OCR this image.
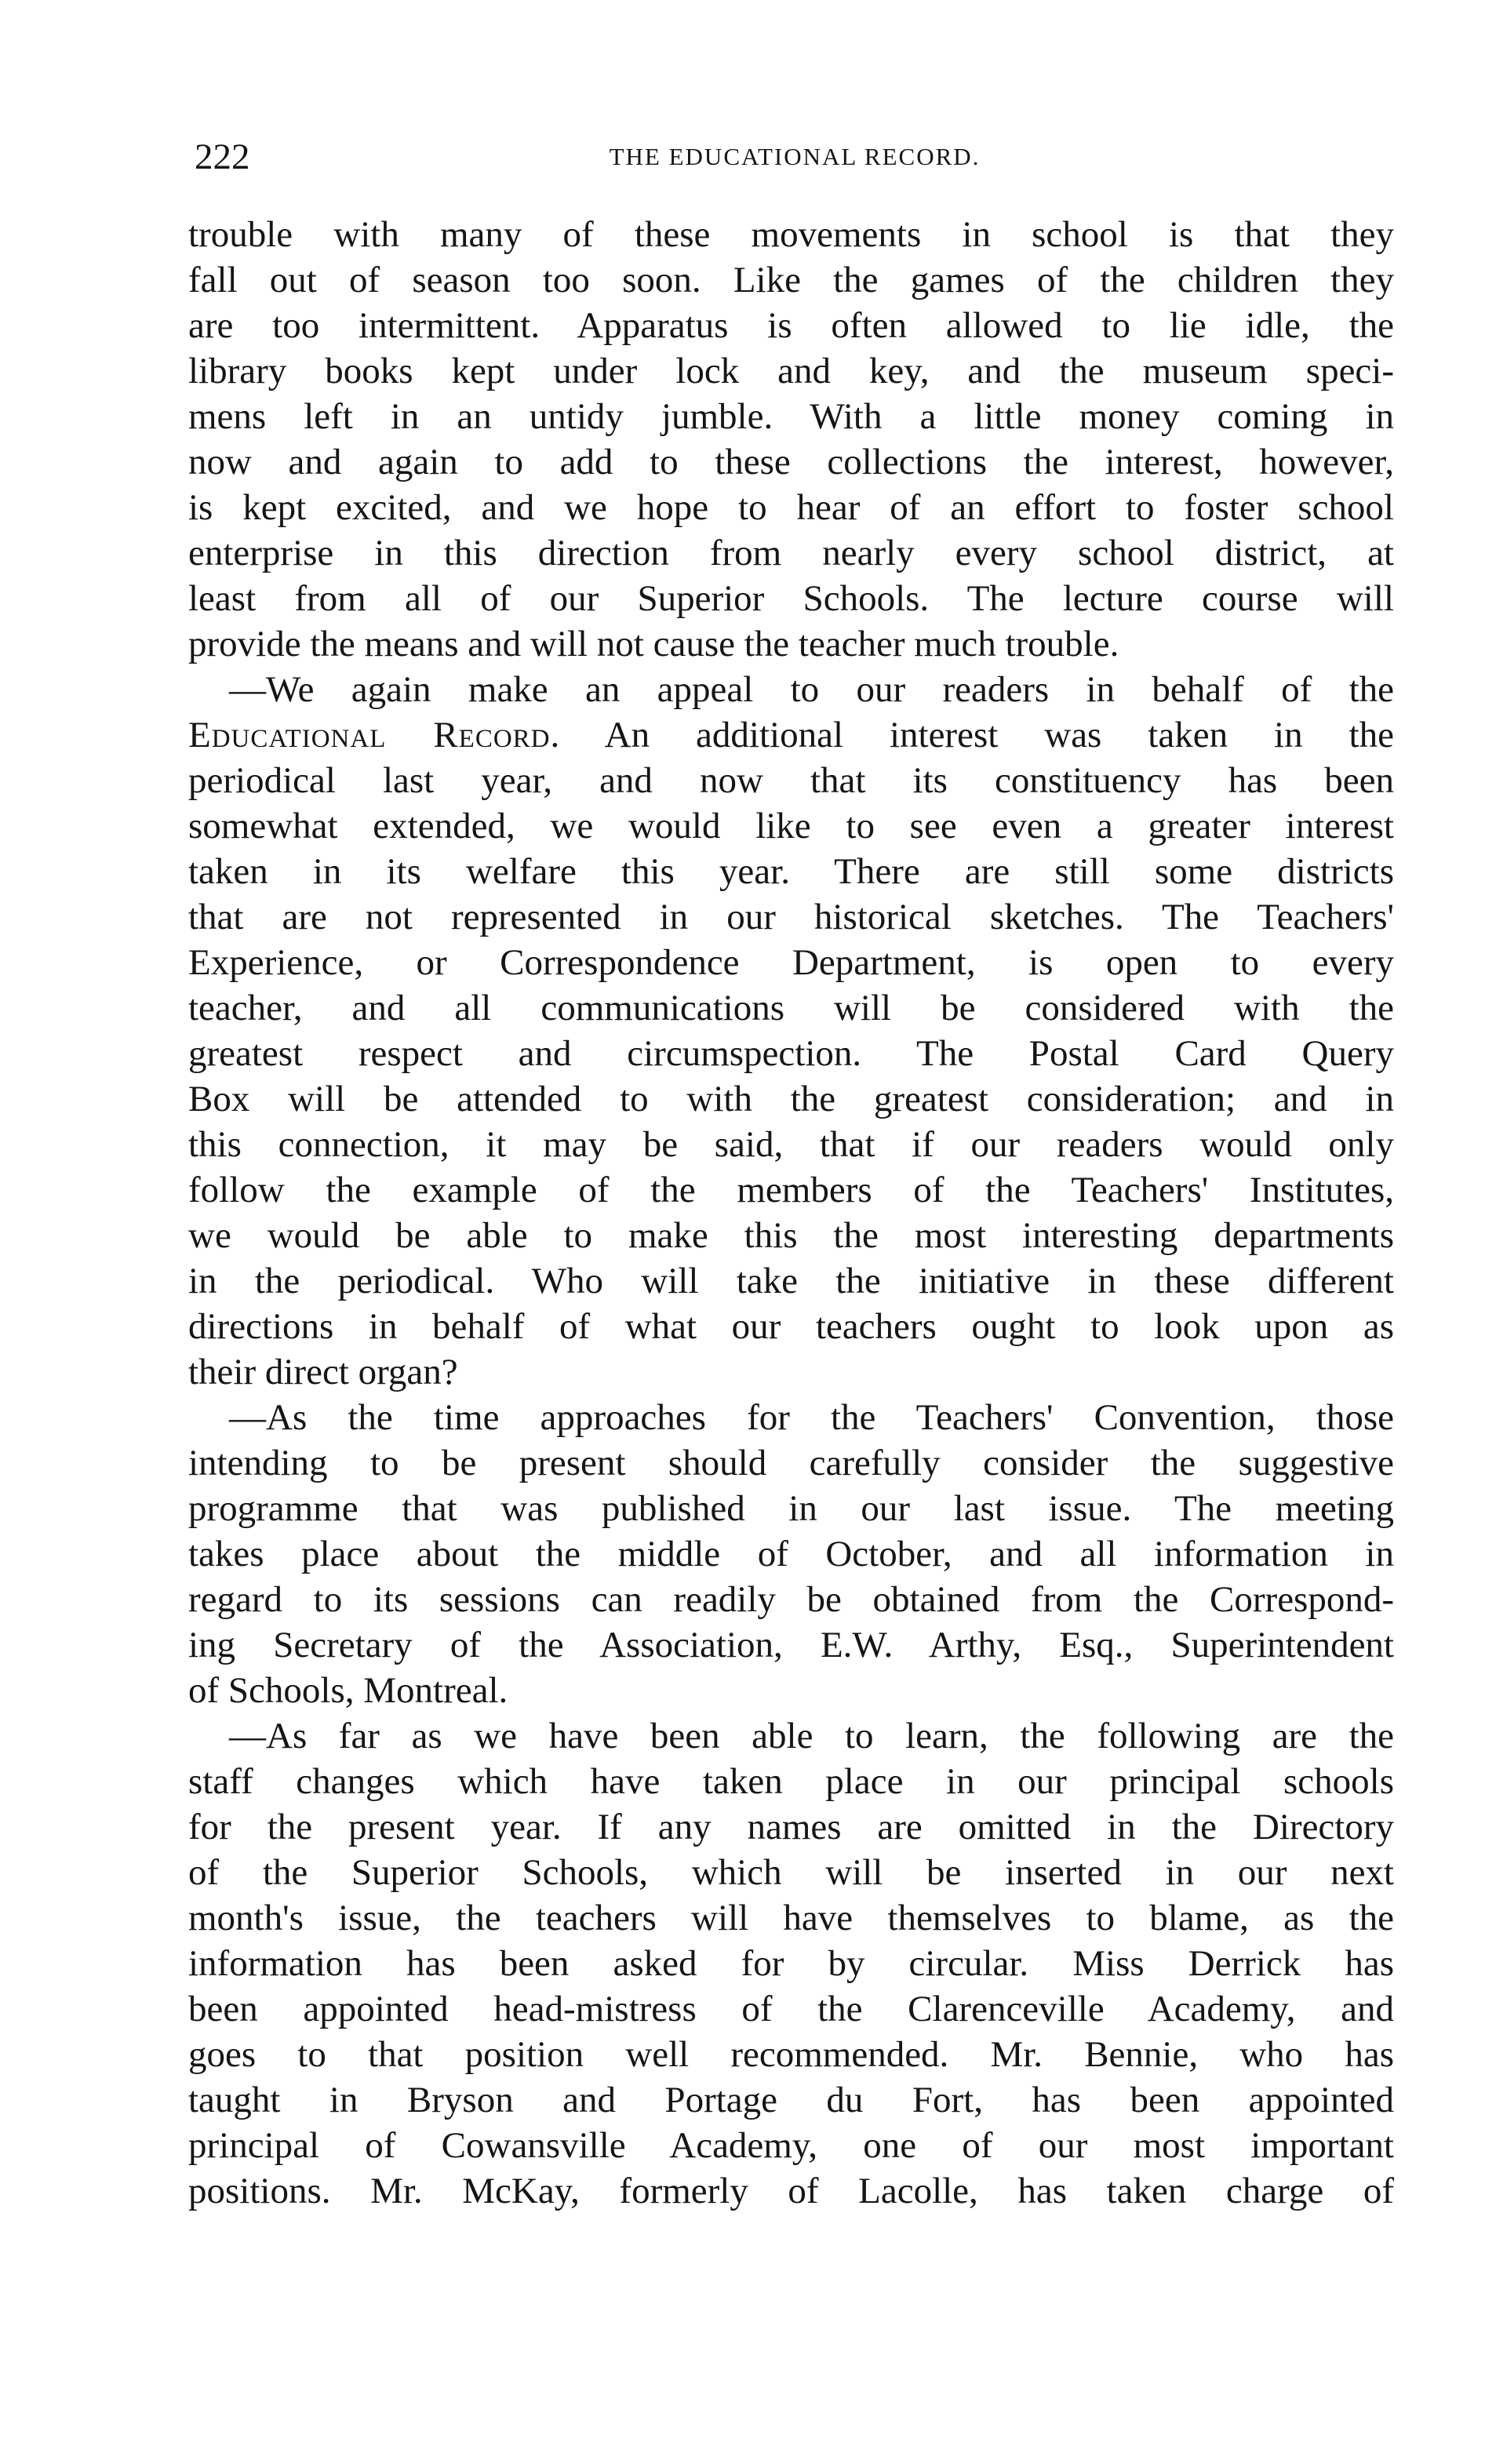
222	THE EDUCATIONAL RECORD.
trouble with many of these movements in school is that they
fall out of season too soon. Like the games of the children they
are too intermittent. Apparatus is often allowed to lie idle, the
library books kept under lock and key, and the museum speci-
mens left in an untidy jumble. With a little money coming in
now and again to add to these collections the interest, however,
is kept excited, and we hope to hear of an effort to foster school
enterprise in this direction from nearly every school district, at
least from all of our Superior Schools. The lecture course will
provide the means and will not cause the teacher much trouble.
—We again make an appeal to our readers in behalf of the
Educational Record. An additional interest was taken in the
periodical last year, and now that its constituency has been
somewhat extended, we would like to see even a greater interest
taken in its welfare this year. There are still some districts
that are not represented in our historical sketches. The Teachers'
Experience, or Correspondence Department, is open to every
teacher, and all communications will be considered with the
greatest respect and circumspection. The Postal Card Query
Box will be attended to with the greatest consideration; and in
this connection, it may be said, that if our readers would only
follow the example of the members of the Teachers' Institutes,
we would be able to make this the most interesting departments
in the periodical. Who will take the initiative in these different
directions in behalf of what our teachers ought to look upon as
their direct organ?
—As the time approaches for the Teachers' Convention, those
intending to be present should carefully consider the suggestive
programme that was published in our last issue. The meeting
takes place about the middle of October, and all information in
regard to its sessions can readily be obtained from the Correspond-
ing Secretary of the Association, E.W. Arthy, Esq., Superintendent
of Schools, Montreal.
—As far as we have been able to learn, the following are the
staff changes which have taken place in our principal schools
for the present year. If any names are omitted in the Directory
of the Superior Schools, which will be inserted in our next
month's issue, the teachers will have themselves to blame, as the
information has been asked for by circular. Miss Derrick has
been appointed head-mistress of the Clarenceville Academy, and
goes to that position well recommended. Mr. Bennie, who has
taught in Bryson and Portage du Fort, has been appointed
principal of Cowansville Academy, one of our most important
positions. Mr. McKay, formerly of Lacolle, has taken charge of
